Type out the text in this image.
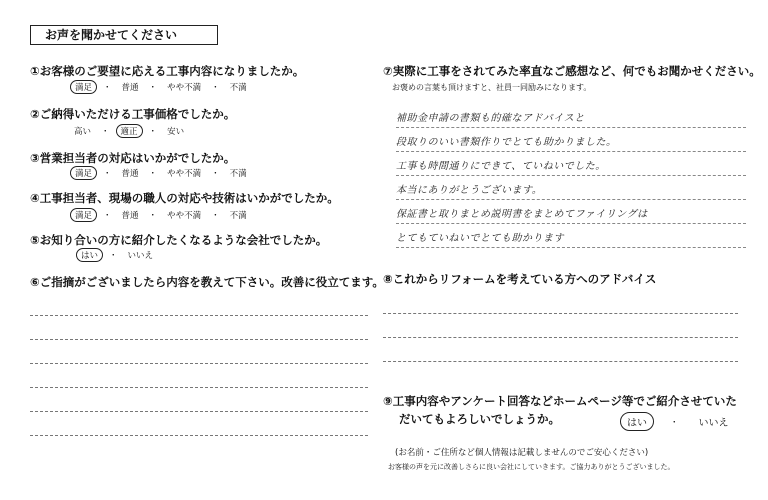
お声を聞かせてください
①お客様のご要望に応える工事内容になりましたか。
満足	・	普通	・	やや不満	・	不満
②ご納得いただける工事価格でしたか。
高い	・	適正	・	安い
③営業担当者の対応はいかがでしたか。
満足	・	普通	・	やや不満	・	不満
④工事担当者、現場の職人の対応や技術はいかがでしたか。
満足	・	普通	・	やや不満	・	不満
⑤お知り合いの方に紹介したくなるような会社でしたか。
はい	・	いいえ
⑥ご指摘がございましたら内容を教えて下さい。改善に役立てます。
⑦実際に工事をされてみた率直なご感想など、何でもお聞かせください。
お褒めの言葉も頂けますと、社員一同励みになります。
補助金申請の書類も的確なアドバイスと
段取りのいい書類作りでとても助かりました。
工事も時間通りにできて、ていねいでした。
本当にありがとうございます。
保証書と取りまとめ説明書をまとめてファイリングは
とてもていねいでとても助かります
⑧これからリフォームを考えている方へのアドバイス
⑨工事内容やアンケート回答などホームページ等でご紹介させていた
だいてもよろしいでしょうか。	はい	・	いいえ
(お名前・ご住所など個人情報は記載しませんのでご安心ください)
お客様の声を元に改善しさらに良い会社にしていきます。ご協力ありがとうございました。
